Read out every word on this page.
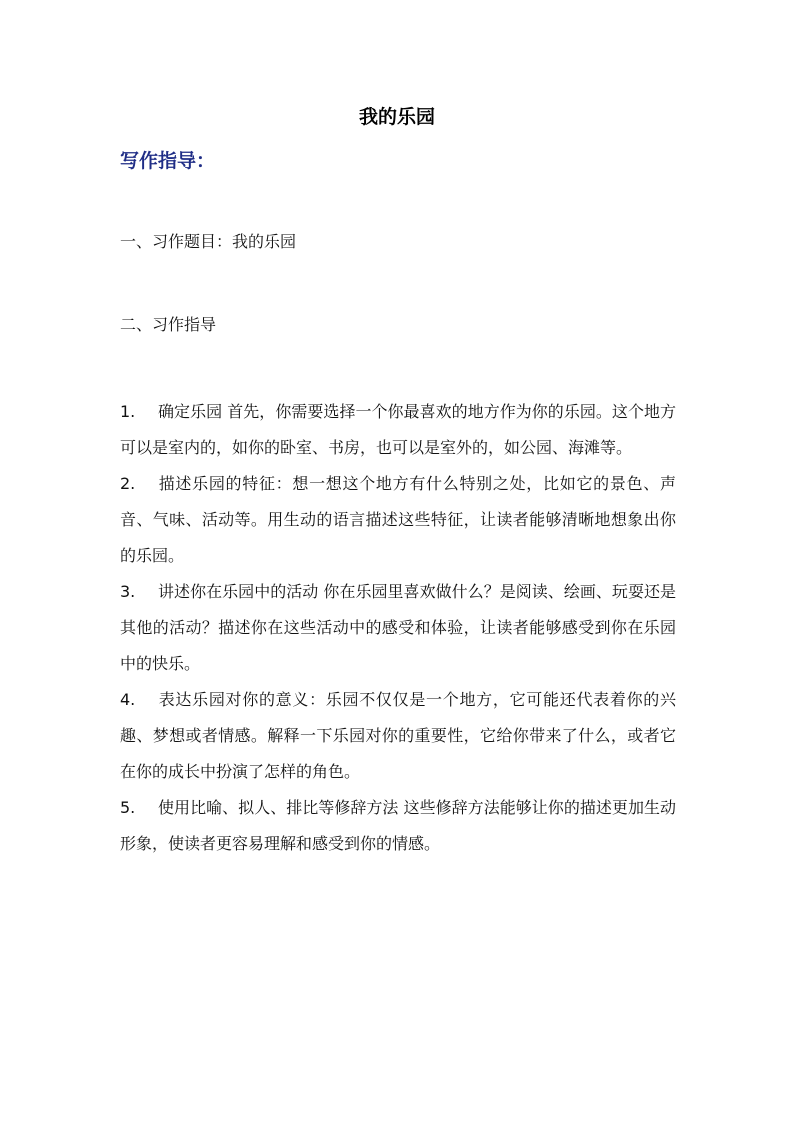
我的乐园
写作指导：
一、习作题目：我的乐园
二、习作指导
1. 确定乐园 首先，你需要选择一个你最喜欢的地方作为你的乐园。这个地方可以是室内的，如你的卧室、书房，也可以是室外的，如公园、海滩等。
2. 描述乐园的特征：想一想这个地方有什么特别之处，比如它的景色、声音、气味、活动等。用生动的语言描述这些特征，让读者能够清晰地想象出你的乐园。
3. 讲述你在乐园中的活动 你在乐园里喜欢做什么？是阅读、绘画、玩耍还是其他的活动？描述你在这些活动中的感受和体验，让读者能够感受到你在乐园中的快乐。
4. 表达乐园对你的意义：乐园不仅仅是一个地方，它可能还代表着你的兴趣、梦想或者情感。解释一下乐园对你的重要性，它给你带来了什么，或者它在你的成长中扮演了怎样的角色。
5. 使用比喻、拟人、排比等修辞方法 这些修辞方法能够让你的描述更加生动形象，使读者更容易理解和感受到你的情感。
